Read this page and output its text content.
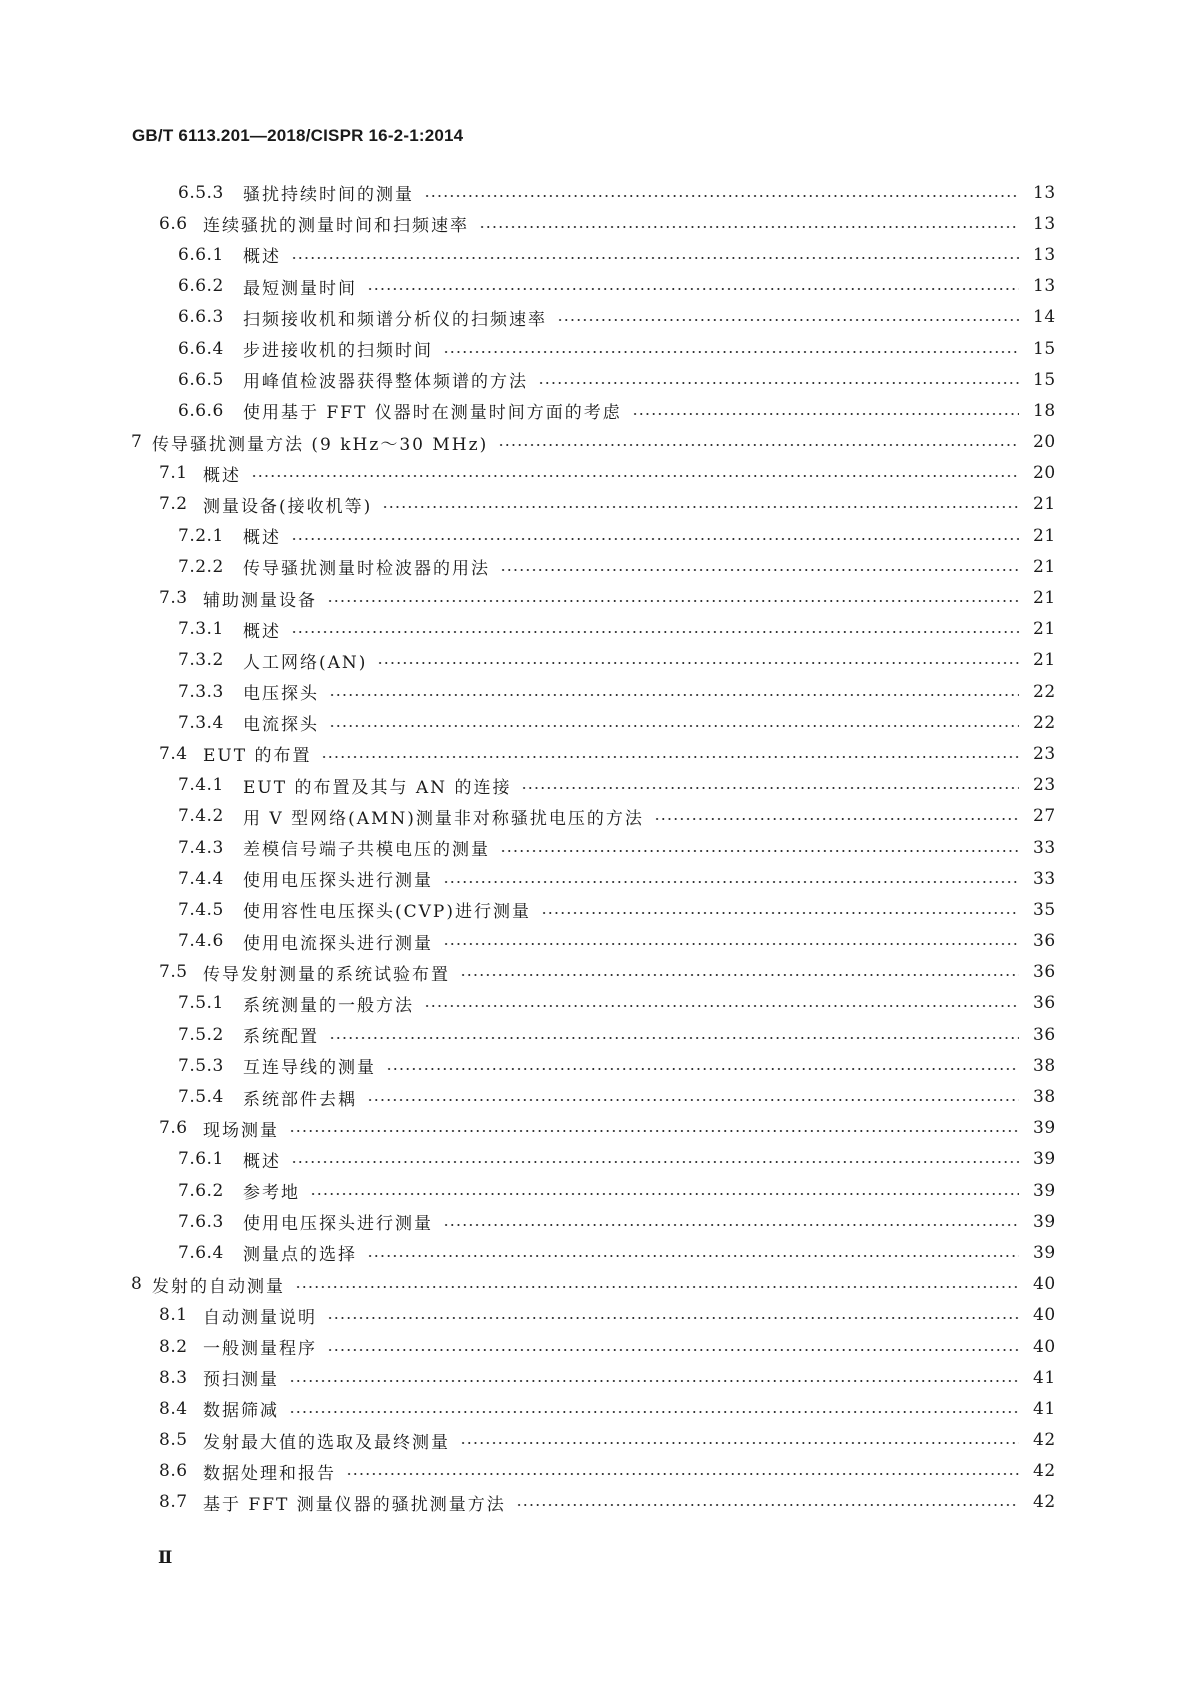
GB/T 6113.201—2018/CISPR 16-2-1:2014
6.5.3	骚扰持续时间的测量	13
6.6 连续骚扰的测量时间和扫频速率	13
6.6.1	概述	13
6.6.2	最短测量时间	13
6.6.3	扫频接收机和频谱分析仪的扫频速率	14
6.6.4	步进接收机的扫频时间	15
6.6.5	用峰值检波器获得整体频谱的方法	15
6.6.6	使用基于 FFT 仪器时在测量时间方面的考虑	18
7 传导骚扰测量方法 (9 kHz～30 MHz)	20
7.1 概述	20
7.2 测量设备(接收机等)	21
7.2.1	概述	21
7.2.2	传导骚扰测量时检波器的用法	21
7.3 辅助测量设备	21
7.3.1	概述	21
7.3.2	人工网络(AN)	21
7.3.3	电压探头	22
7.3.4	电流探头	22
7.4 EUT 的布置	23
7.4.1	EUT 的布置及其与 AN 的连接	23
7.4.2	用 V 型网络(AMN)测量非对称骚扰电压的方法	27
7.4.3	差模信号端子共模电压的测量	33
7.4.4	使用电压探头进行测量	33
7.4.5	使用容性电压探头(CVP)进行测量	35
7.4.6	使用电流探头进行测量	36
7.5 传导发射测量的系统试验布置	36
7.5.1	系统测量的一般方法	36
7.5.2	系统配置	36
7.5.3	互连导线的测量	38
7.5.4	系统部件去耦	38
7.6 现场测量	39
7.6.1	概述	39
7.6.2	参考地	39
7.6.3	使用电压探头进行测量	39
7.6.4	测量点的选择	39
8 发射的自动测量	40
8.1 自动测量说明	40
8.2 一般测量程序	40
8.3 预扫测量	41
8.4 数据筛减	41
8.5 发射最大值的选取及最终测量	42
8.6 数据处理和报告	42
8.7 基于 FFT 测量仪器的骚扰测量方法	42
Ⅱ
